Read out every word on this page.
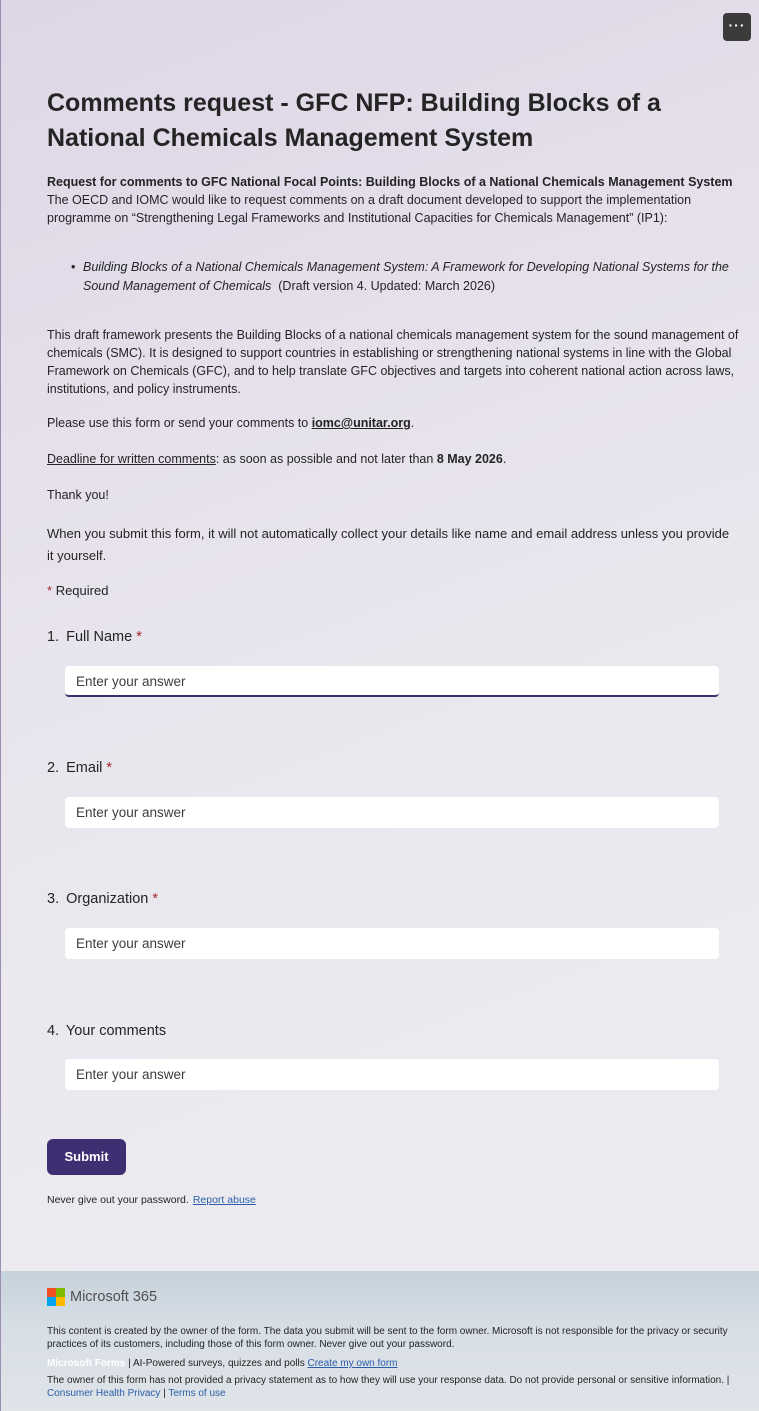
···
Comments request - GFC NFP: Building Blocks of a National Chemicals Management System

Request for comments to GFC National Focal Points: Building Blocks of a National Chemicals Management System

The OECD and IOMC would like to request comments on a draft document developed to support the implementation programme on “Strengthening Legal Frameworks and Institutional Capacities for Chemicals Management” (IP1):

• Building Blocks of a National Chemicals Management System: A Framework for Developing National Systems for the Sound Management of Chemicals (Draft version 4. Updated: March 2026)
This draft framework presents the Building Blocks of a national chemicals management system for the sound management of chemicals (SMC). It is designed to support countries in establishing or strengthening national systems in line with the Global Framework on Chemicals (GFC), and to help translate GFC objectives and targets into coherent national action across laws, institutions, and policy instruments.
Please use this form or send your comments to iomc@unitar.org.
Deadline for written comments: as soon as possible and not later than 8 May 2026.
Thank you!
When you submit this form, it will not automatically collect your details like name and email address unless you provide it yourself.
* Required
1. Full Name *
Enter your answer
2. Email *
Enter your answer
3. Organization *
Enter your answer
4. Your comments
Enter your answer
Submit
Never give out your password. Report abuse
Microsoft 365
This content is created by the owner of the form. The data you submit will be sent to the form owner. Microsoft is not responsible for the privacy or security practices of its customers, including those of this form owner. Never give out your password.
Microsoft Forms | AI-Powered surveys, quizzes and polls Create my own form
The owner of this form has not provided a privacy statement as to how they will use your response data. Do not provide personal or sensitive information. | Consumer Health Privacy | Terms of use
